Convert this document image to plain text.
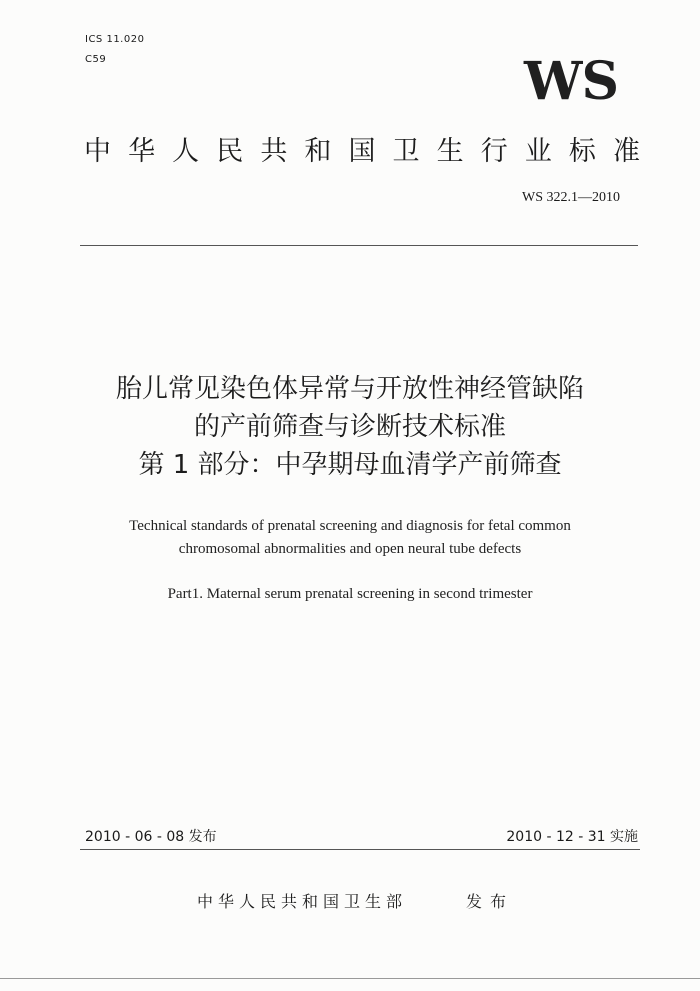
ICS 11.020
C59	WS
中 华 人 民 共 和 国 卫 生 行 业 标 准
WS 322.1—2010
胎儿常见染色体异常与开放性神经管缺陷
的产前筛查与诊断技术标准
第 1 部分：中孕期母血清学产前筛查
Technical standards of prenatal screening and diagnosis for fetal common
chromosomal abnormalities and open neural tube defects
Part1. Maternal serum prenatal screening in second trimester
2010 - 06 - 08 发布	2010 - 12 - 31 实施
中华人民共和国卫生部	发布
